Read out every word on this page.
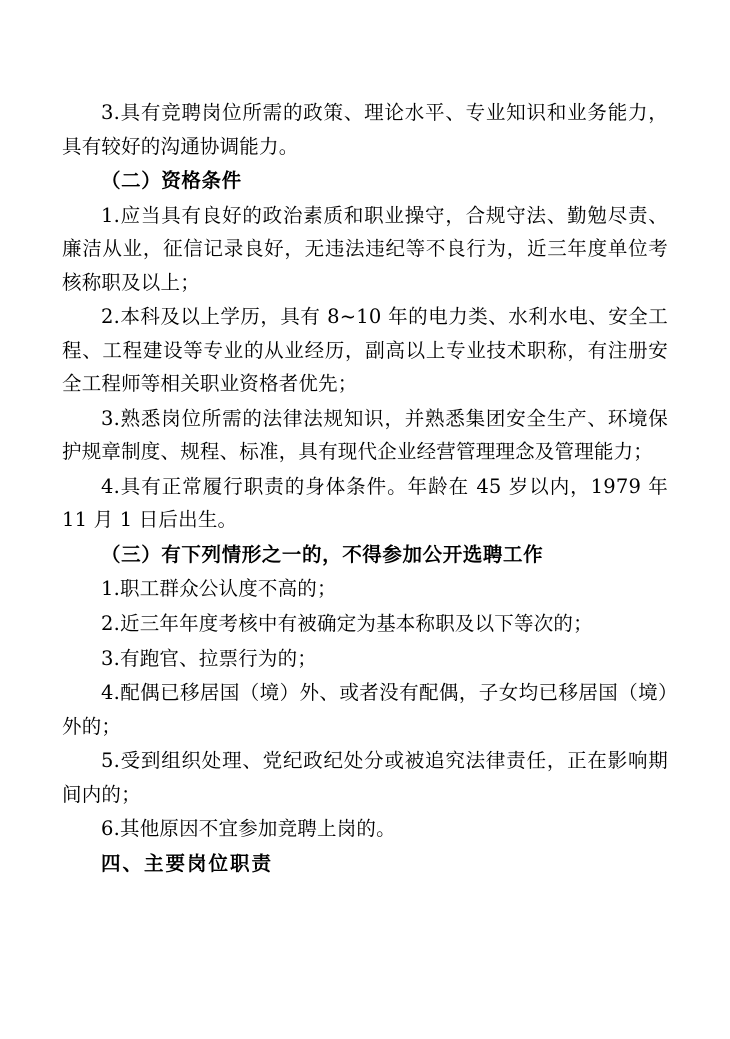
3.具有竞聘岗位所需的政策、理论水平、专业知识和业务能力，具有较好的沟通协调能力。

（二）资格条件

1.应当具有良好的政治素质和职业操守，合规守法、勤勉尽责、廉洁从业，征信记录良好，无违法违纪等不良行为，近三年度单位考核称职及以上；

2.本科及以上学历，具有 8~10 年的电力类、水利水电、安全工程、工程建设等专业的从业经历，副高以上专业技术职称，有注册安全工程师等相关职业资格者优先；

3.熟悉岗位所需的法律法规知识，并熟悉集团安全生产、环境保护规章制度、规程、标准，具有现代企业经营管理理念及管理能力；

4.具有正常履行职责的身体条件。年龄在 45 岁以内，1979 年 11 月 1 日后出生。

（三）有下列情形之一的，不得参加公开选聘工作

1.职工群众公认度不高的；

2.近三年年度考核中有被确定为基本称职及以下等次的；

3.有跑官、拉票行为的；

4.配偶已移居国（境）外、或者没有配偶，子女均已移居国（境）外的；

5.受到组织处理、党纪政纪处分或被追究法律责任，正在影响期间内的；

6.其他原因不宜参加竞聘上岗的。

四、主要岗位职责
